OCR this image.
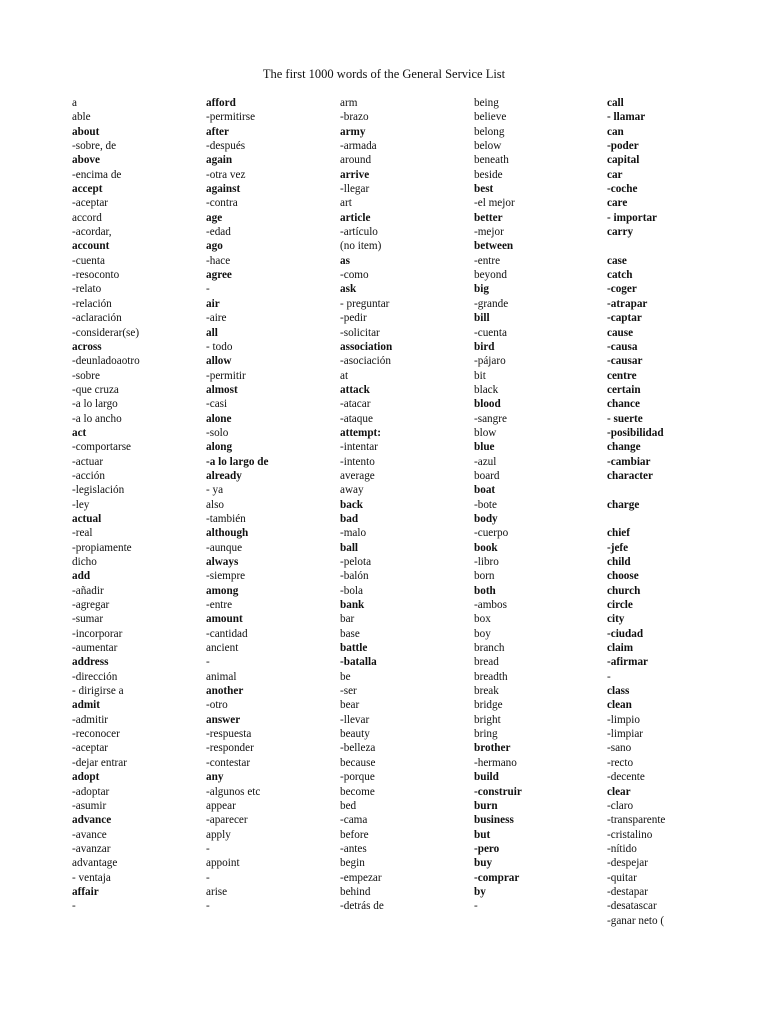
The first 1000 words of the General Service List
a
able
about
-sobre, de
above
-encima de
accept
-aceptar
accord
-acordar,
account
-cuenta
-resoconto
-relato
-relación
-aclaración
-considerar(se)
across
-deunladoaotro
-sobre
-que cruza
-a lo largo
-a lo ancho
act
-comportarse
-actuar
-acción
-legislación
-ley
actual
-real
-propiamente
dicho
add
-añadir
-agregar
-sumar
-incorporar
-aumentar
address
-dirección
- dirigirse a
admit
-admitir
-reconocer
-aceptar
-dejar entrar
adopt
-adoptar
-asumir
advance
-avance
-avanzar
advantage
- ventaja
affair
-
afford
-permitirse
after
-después
again
-otra vez
against
-contra
age
-edad
ago
-hace
agree
-
air
-aire
all
- todo
allow
-permitir
almost
-casi
alone
-solo
along
-a lo largo de
already
- ya
also
-también
although
-aunque
always
-siempre
among
-entre
amount
-cantidad
ancient
-
animal
another
-otro
answer
-respuesta
-responder
-contestar
any
-algunos etc
appear
-aparecer
apply
-
appoint
-
arise
-
arm
-brazo
army
-armada
around
arrive
-llegar
art
article
-artículo
(no item)
as
-como
ask
- preguntar
-pedir
-solicitar
association
-asociación
at
attack
-atacar
-ataque
attempt:
-intentar
-intento
average
away
back
bad
-malo
ball
-pelota
-balón
-bola
bank
bar
base
battle
-batalla
be
-ser
bear
-llevar
beauty
-belleza
because
-porque
become
bed
-cama
before
-antes
begin
-empezar
behind
-detrás de
being
believe
belong
below
beneath
beside
best
-el mejor
better
-mejor
between
-entre
beyond
big
-grande
bill
-cuenta
bird
-pájaro
bit
black
blood
-sangre
blow
blue
-azul
board
boat
-bote
body
-cuerpo
book
-libro
born
both
-ambos
box
boy
branch
bread
breadth
break
bridge
bright
bring
brother
-hermano
build
-construir
burn
business
but
-pero
buy
-comprar
by
-
call
- llamar
can
-poder
capital
car
-coche
care
- importar
carry
case
catch
-coger
-atrapar
-captar
cause
-causa
-causar
centre
certain
chance
- suerte
-posibilidad
change
-cambiar
character
charge
chief
-jefe
child
choose
church
circle
city
-ciudad
claim
-afirmar
-
class
clean
-limpio
-limpiar
-sano
-recto
-decente
clear
-claro
-transparente
-cristalino
-nítido
-despejar
-quitar
-destapar
-desatascar
-ganar neto (
